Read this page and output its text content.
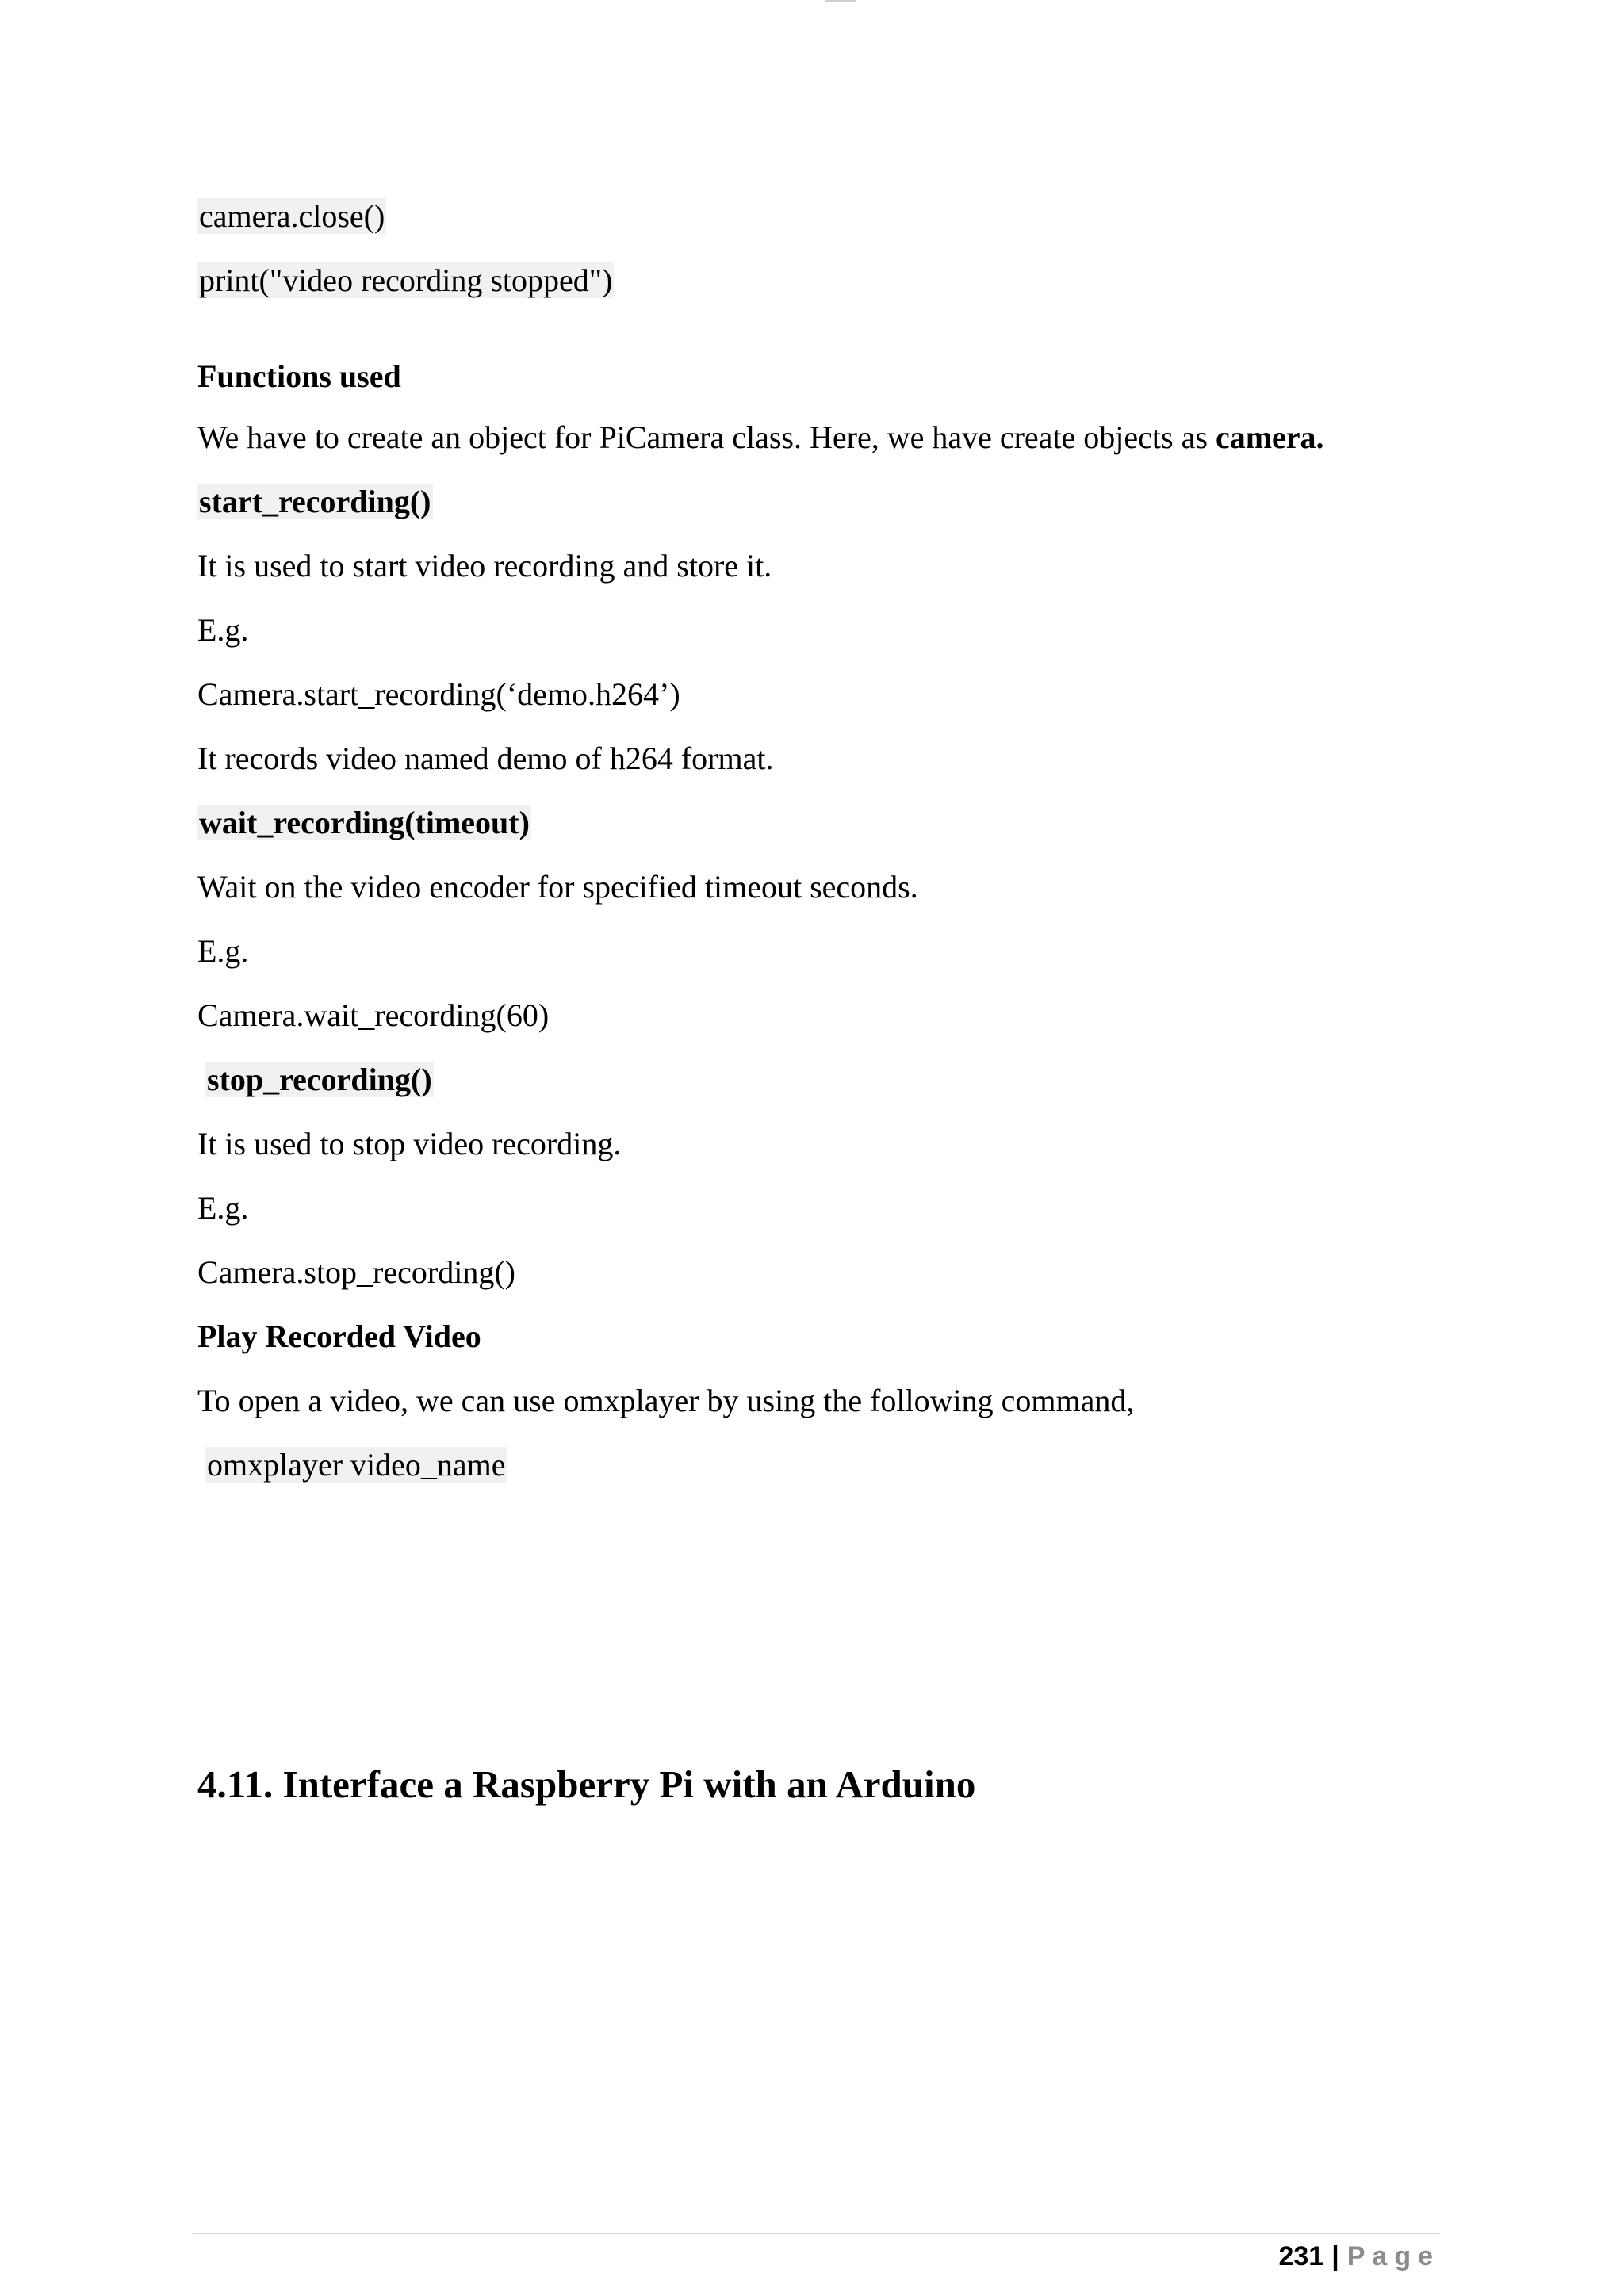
camera.close()
print("video recording stopped")
Functions used
We have to create an object for PiCamera class. Here, we have create objects as camera.
start_recording()
It is used to start video recording and store it.
E.g.
Camera.start_recording(‘demo.h264’)
It records video named demo of h264 format.
wait_recording(timeout)
Wait on the video encoder for specified timeout seconds.
E.g.
Camera.wait_recording(60)
stop_recording()
It is used to stop video recording.
E.g.
Camera.stop_recording()
Play Recorded Video
To open a video, we can use omxplayer by using the following command,
omxplayer video_name
4.11. Interface a Raspberry Pi with an Arduino
231 | Page
